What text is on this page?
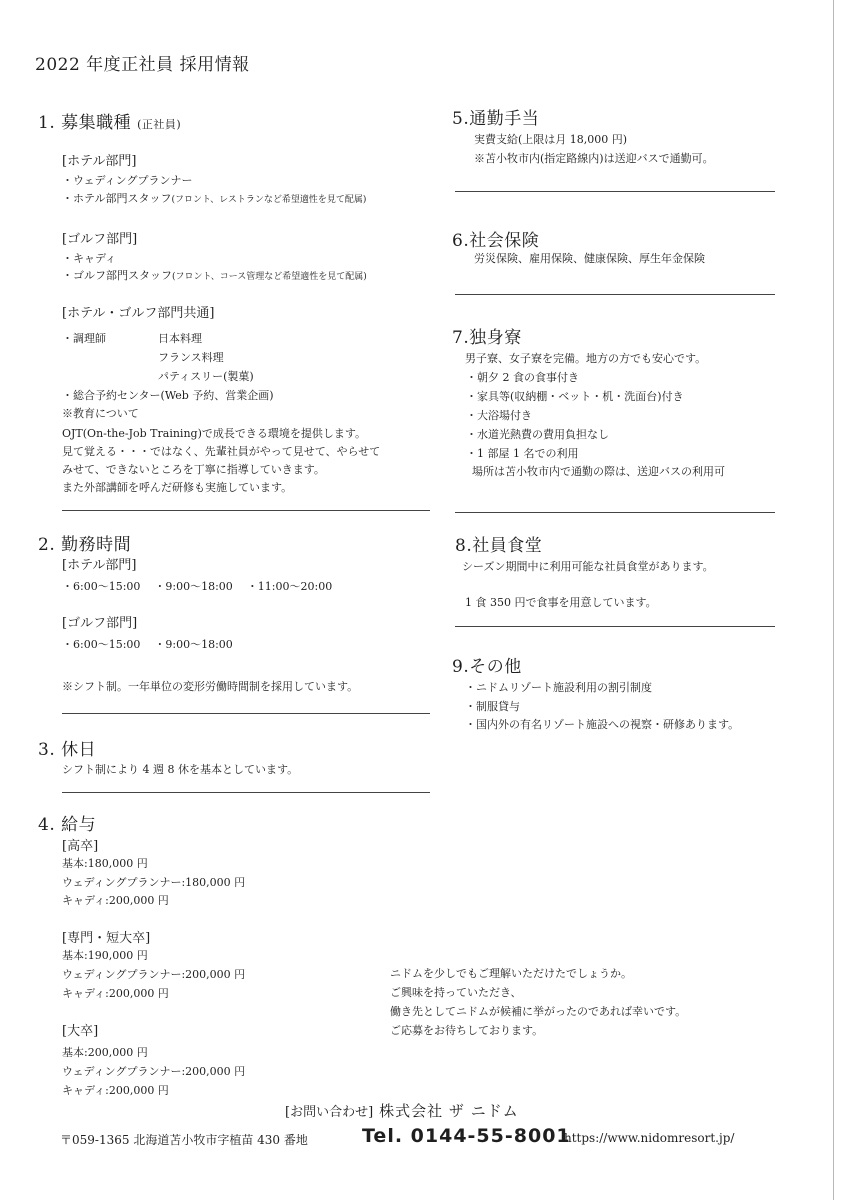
2022 年度正社員 採用情報
1. 募集職種 (正社員)
[ホテル部門]
・ウェディングプランナー
・ホテル部門スタッフ(フロント、レストランなど希望適性を見て配属)
[ゴルフ部門]
・キャディ
・ゴルフ部門スタッフ(フロント、コース管理など希望適性を見て配属)
[ホテル・ゴルフ部門共通]
・調理師	日本料理
フランス料理
パティスリー(製菓)
・総合予約センター(Web 予約、営業企画)
※教育について
OJT(On-the-Job Training)で成長できる環境を提供します。
見て覚える・・・ではなく、先輩社員がやって見せて、やらせて
みせて、できないところを丁寧に指導していきます。
また外部講師を呼んだ研修も実施しています。
2. 勤務時間
[ホテル部門]
・6:00〜15:00 ・9:00〜18:00 ・11:00〜20:00
[ゴルフ部門]
・6:00〜15:00 ・9:00〜18:00
※シフト制。一年単位の変形労働時間制を採用しています。
3. 休日
シフト制により 4 週 8 休を基本としています。
4. 給与
[高卒]
基本:180,000 円
ウェディングプランナー:180,000 円
キャディ:200,000 円
[専門・短大卒]
基本:190,000 円
ウェディングプランナー:200,000 円
キャディ:200,000 円
[大卒]
基本:200,000 円
ウェディングプランナー:200,000 円
キャディ:200,000 円
5.通勤手当
実費支給(上限は月 18,000 円)
※苫小牧市内(指定路線内)は送迎バスで通勤可。
6.社会保険
労災保険、雇用保険、健康保険、厚生年金保険
7.独身寮
男子寮、女子寮を完備。地方の方でも安心です。
・朝夕 2 食の食事付き
・家具等(収納棚・ベット・机・洗面台)付き
・大浴場付き
・水道光熱費の費用負担なし
・1 部屋 1 名での利用
場所は苫小牧市内で通勤の際は、送迎バスの利用可
8.社員食堂
シーズン期間中に利用可能な社員食堂があります。
1 食 350 円で食事を用意しています。
9.その他
・ニドムリゾート施設利用の割引制度
・制服貸与
・国内外の有名リゾート施設への視察・研修あります。
ニドムを少しでもご理解いただけたでしょうか。
ご興味を持っていただき、
働き先としてニドムが候補に挙がったのであれば幸いです。
ご応募をお待ちしております。
[お問い合わせ] 株式会社 ザ ニドム
〒059-1365 北海道苫小牧市字植苗 430 番地	Tel. 0144-55-8001
https://www.nidomresort.jp/
